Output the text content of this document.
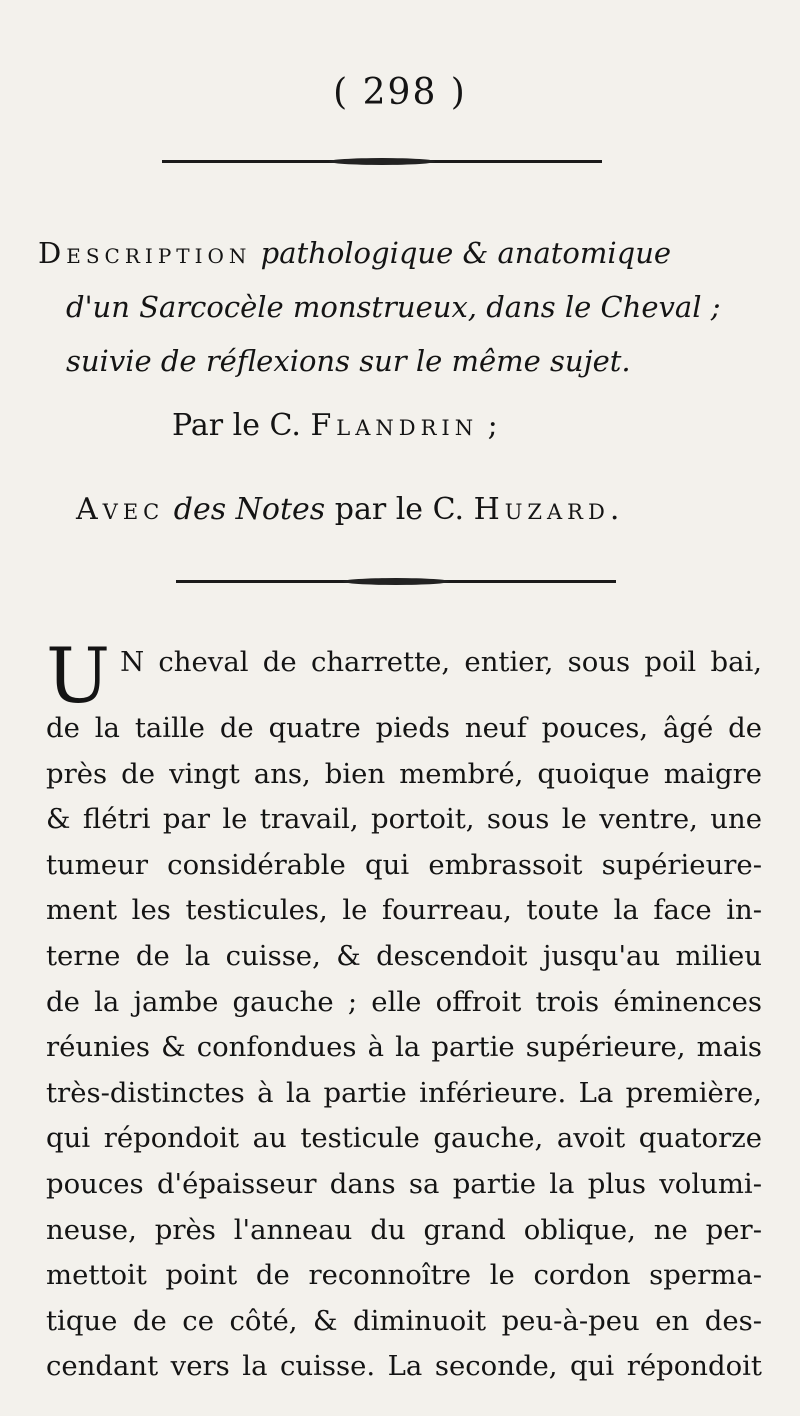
( 298 )
Description pathologique & anatomique
d'un Sarcocèle monstrueux, dans le Cheval ;
suivie de réflexions sur le même sujet.
Par le C. Flandrin ;
Avec des Notes par le C. Huzard.
U N cheval de charrette, entier, sous poil bai,
de la taille de quatre pieds neuf pouces, âgé de
près de vingt ans, bien membré, quoique maigre
& flétri par le travail, portoit, sous le ventre, une
tumeur considérable qui embrassoit supérieure-
ment les testicules, le fourreau, toute la face in-
terne de la cuisse, & descendoit jusqu'au milieu
de la jambe gauche ; elle offroit trois éminences
réunies & confondues à la partie supérieure, mais
très-distinctes à la partie inférieure. La première,
qui répondoit au testicule gauche, avoit quatorze
pouces d'épaisseur dans sa partie la plus volumi-
neuse, près l'anneau du grand oblique, ne per-
mettoit point de reconnoître le cordon sperma-
tique de ce côté, & diminuoit peu-à-peu en des-
cendant vers la cuisse. La seconde, qui répondoit
